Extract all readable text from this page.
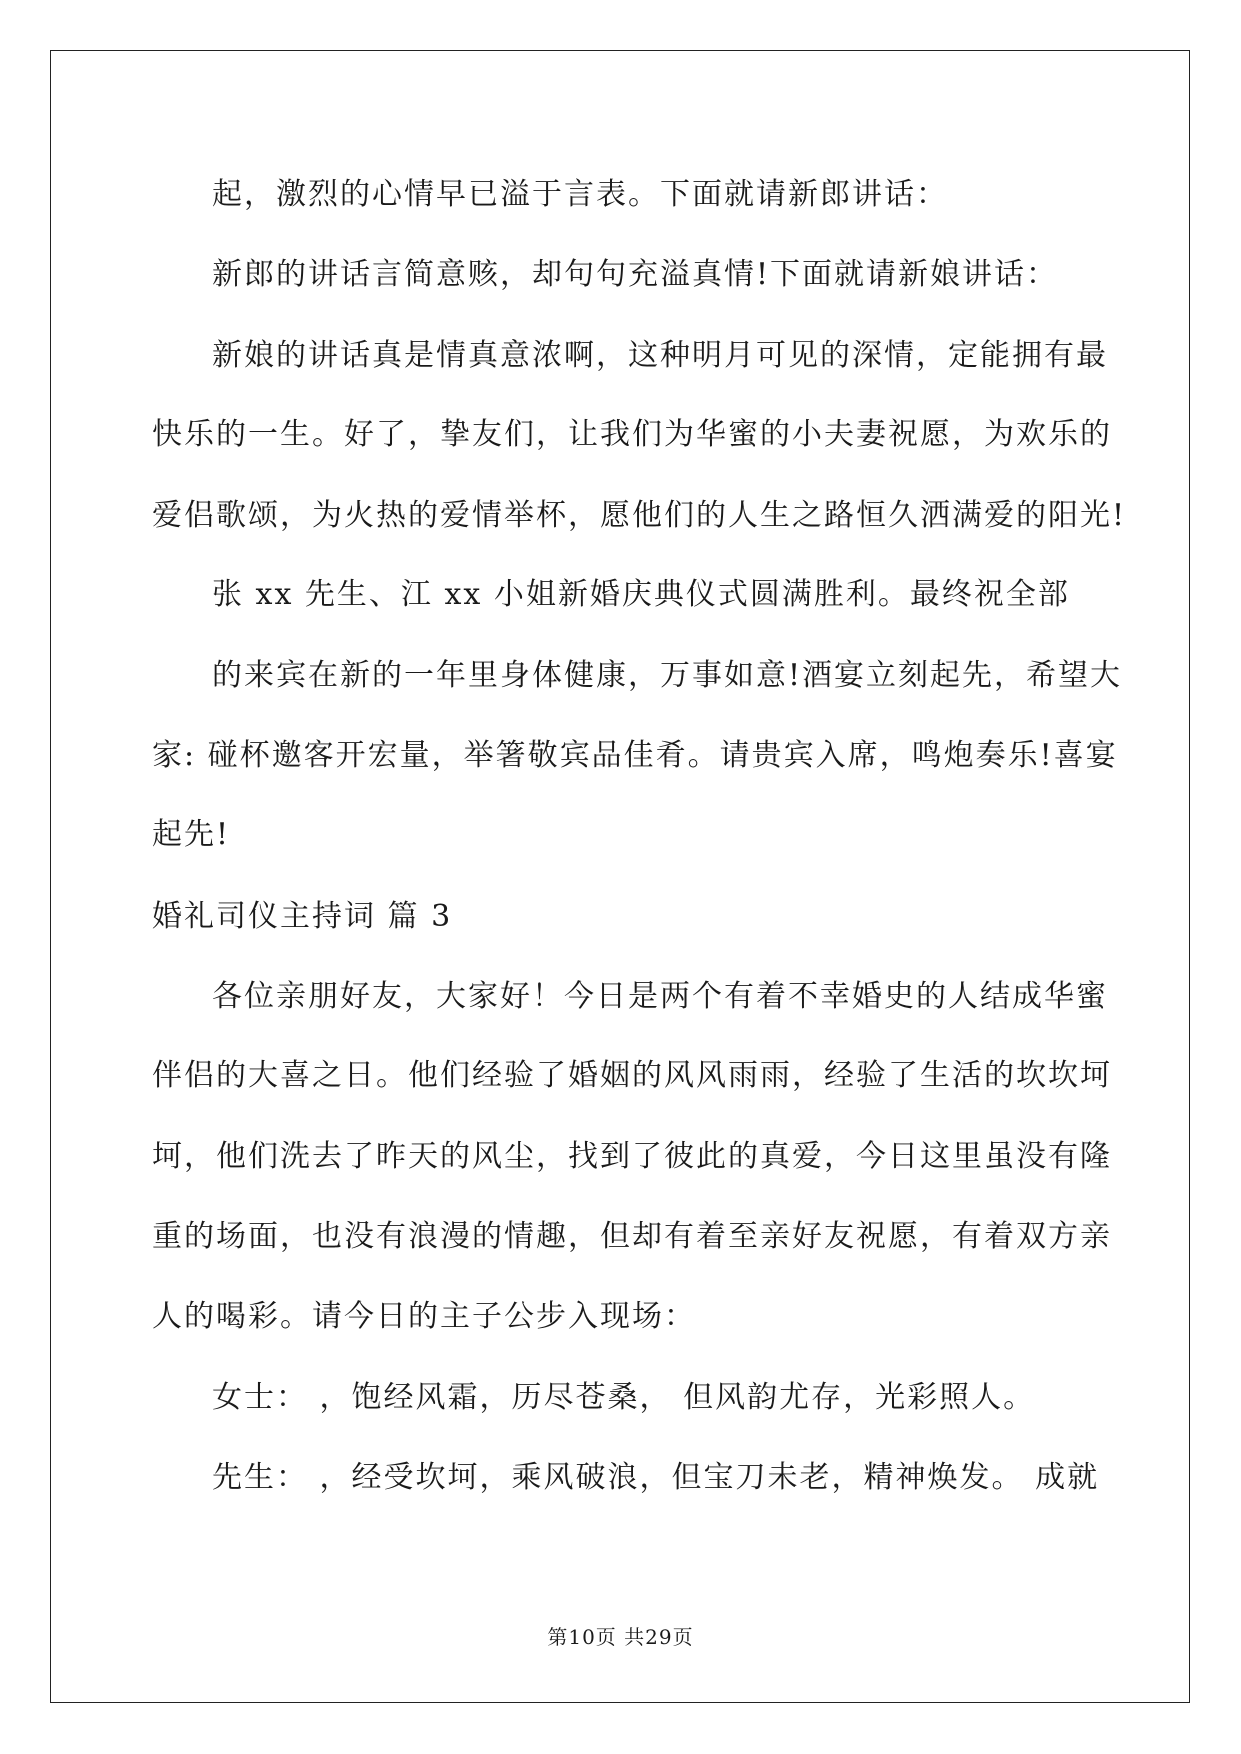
起，激烈的心情早已溢于言表。下面就请新郎讲话：
新郎的讲话言简意赅，却句句充溢真情!下面就请新娘讲话：
新娘的讲话真是情真意浓啊，这种明月可见的深情，定能拥有最
快乐的一生。好了，挚友们，让我们为华蜜的小夫妻祝愿，为欢乐的
爱侣歌颂，为火热的爱情举杯，愿他们的人生之路恒久洒满爱的阳光!
张 xx 先生、江 xx 小姐新婚庆典仪式圆满胜利。最终祝全部
的来宾在新的一年里身体健康，万事如意!酒宴立刻起先，希望大
家: 碰杯邀客开宏量，举箸敬宾品佳肴。请贵宾入席，鸣炮奏乐!喜宴
起先!
婚礼司仪主持词 篇 3
各位亲朋好友，大家好！今日是两个有着不幸婚史的人结成华蜜
伴侣的大喜之日。他们经验了婚姻的风风雨雨，经验了生活的坎坎坷
坷，他们洗去了昨天的风尘，找到了彼此的真爱，今日这里虽没有隆
重的场面，也没有浪漫的情趣，但却有着至亲好友祝愿，有着双方亲
人的喝彩。请今日的主子公步入现场：
女士： ，饱经风霜，历尽苍桑， 但风韵尤存，光彩照人。
先生： ，经受坎坷，乘风破浪，但宝刀未老，精神焕发。 成就
第10页 共29页
